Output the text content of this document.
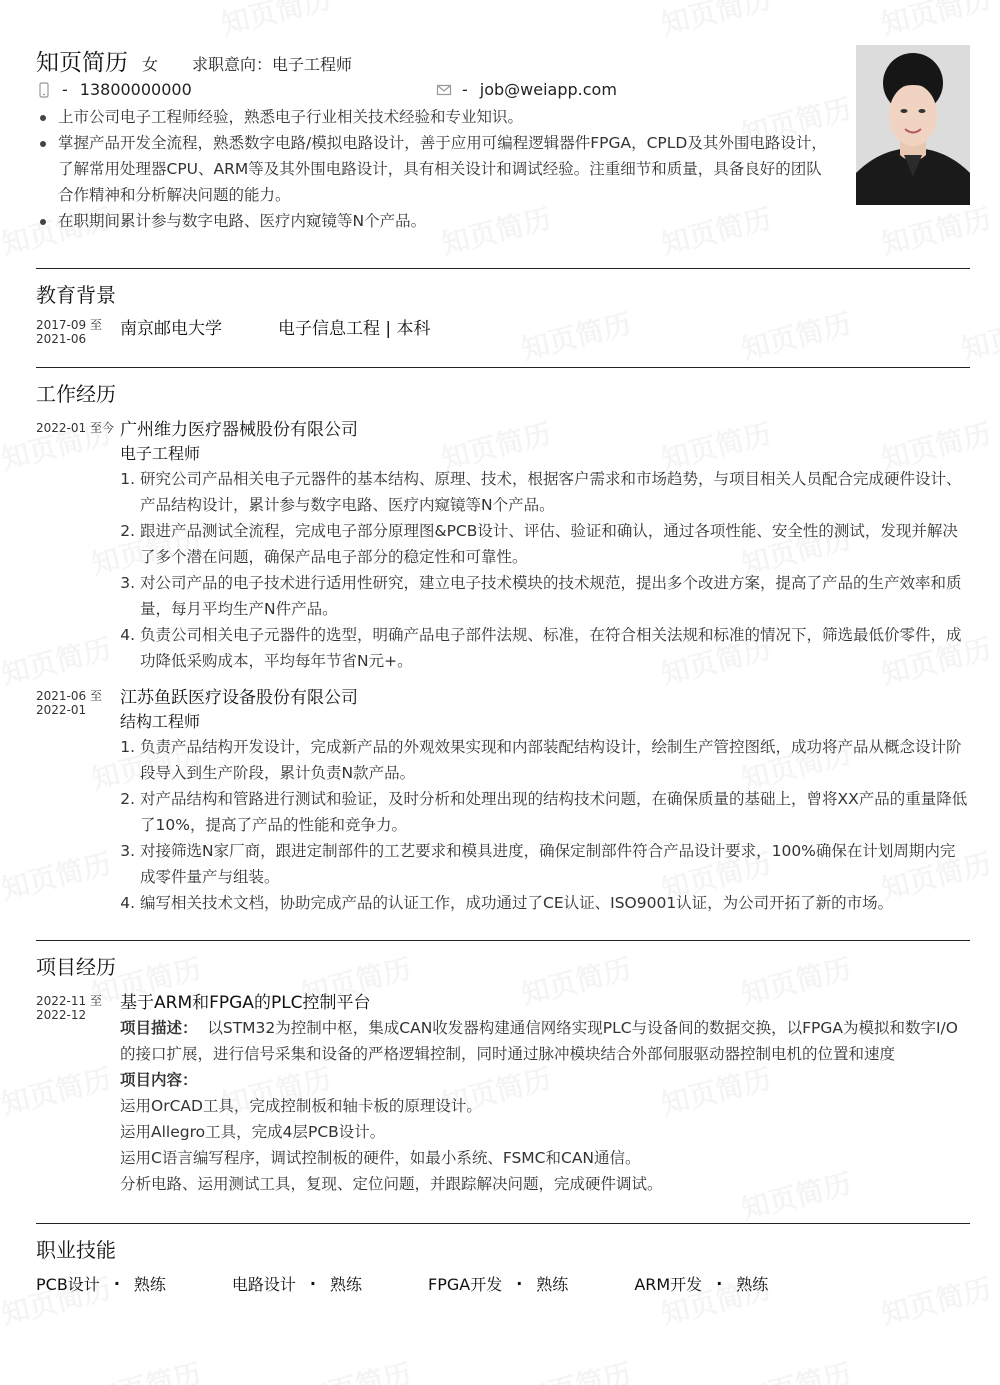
知页简历 女 求职意向：电子工程师
- 13800000000	- job@weiapp.com
上市公司电子工程师经验，熟悉电子行业相关技术经验和专业知识。
掌握产品开发全流程，熟悉数字电路/模拟电路设计，善于应用可编程逻辑器件FPGA，CPLD及其外围电路设计，了解常用处理器CPU、ARM等及其外围电路设计，具有相关设计和调试经验。注重细节和质量，具备良好的团队合作精神和分析解决问题的能力。
在职期间累计参与数字电路、医疗内窥镜等N个产品。
教育背景
2017-09 至
2021-06	南京邮电大学	电子信息工程 | 本科
工作经历
2022-01 至今 广州维力医疗器械股份有限公司
电子工程师
1. 研究公司产品相关电子元器件的基本结构、原理、技术，根据客户需求和市场趋势，与项目相关人员配合完成硬件设计、产品结构设计，累计参与数字电路、医疗内窥镜等N个产品。
2. 跟进产品测试全流程，完成电子部分原理图&PCB设计、评估、验证和确认，通过各项性能、安全性的测试，发现并解决了多个潜在问题，确保产品电子部分的稳定性和可靠性。
3. 对公司产品的电子技术进行适用性研究，建立电子技术模块的技术规范，提出多个改进方案，提高了产品的生产效率和质量，每月平均生产N件产品。
4. 负责公司相关电子元器件的选型，明确产品电子部件法规、标准，在符合相关法规和标准的情况下，筛选最低价零件，成功降低采购成本，平均每年节省N元+。
2021-06 至
2022-01
江苏鱼跃医疗设备股份有限公司
结构工程师
1. 负责产品结构开发设计，完成新产品的外观效果实现和内部装配结构设计，绘制生产管控图纸，成功将产品从概念设计阶段导入到生产阶段，累计负责N款产品。
2. 对产品结构和管路进行测试和验证，及时分析和处理出现的结构技术问题，在确保质量的基础上，曾将XX产品的重量降低了10%，提高了产品的性能和竞争力。
3. 对接筛选N家厂商，跟进定制部件的工艺要求和模具进度，确保定制部件符合产品设计要求，100%确保在计划周期内完成零件量产与组装。
4. 编写相关技术文档，协助完成产品的认证工作，成功通过了CE认证、ISO9001认证，为公司开拓了新的市场。
项目经历
2022-11 至
2022-12
基于ARM和FPGA的PLC控制平台
项目描述： 以STM32为控制中枢，集成CAN收发器构建通信网络实现PLC与设备间的数据交换，以FPGA为模拟和数字I/O的接口扩展，进行信号采集和设备的严格逻辑控制，同时通过脉冲模块结合外部伺服驱动器控制电机的位置和速度
项目内容：
运用OrCAD工具，完成控制板和轴卡板的原理设计。
运用Allegro工具，完成4层PCB设计。
运用C语言编写程序，调试控制板的硬件，如最小系统、FSMC和CAN通信。
分析电路、运用测试工具，复现、定位问题，并跟踪解决问题，完成硬件调试。
职业技能
PCB设计 · 熟练	电路设计 · 熟练	FPGA开发 · 熟练	ARM开发 · 熟练
